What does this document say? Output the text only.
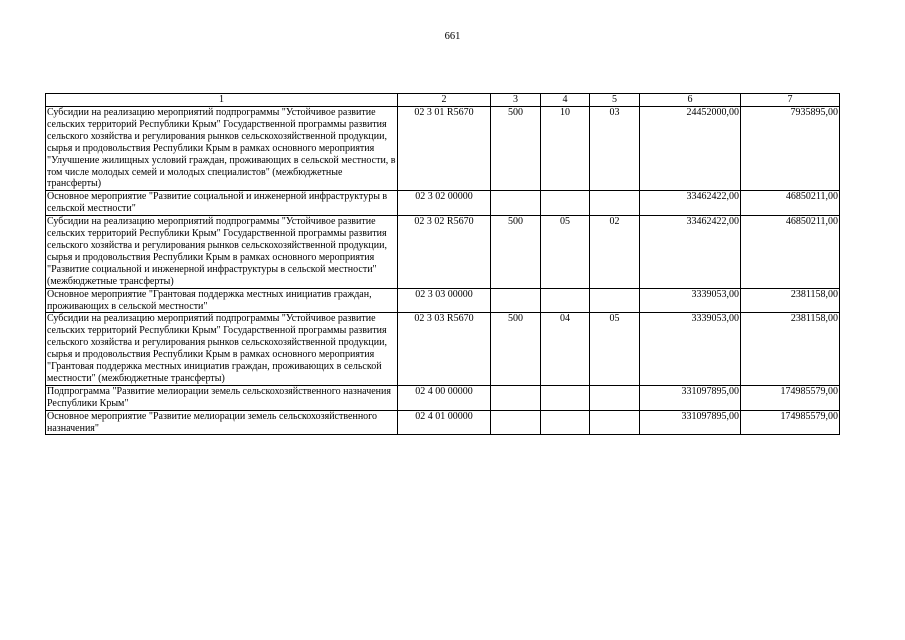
661
1	2	3	4	5	6	7
Субсидии на реализацию мероприятий подпрограммы "Устойчивое развитие сельских территорий Республики Крым" Государственной программы развития сельского хозяйства и регулирования рынков сельскохозяйственной продукции, сырья и продовольствия Республики Крым в рамках основного мероприятия "Улучшение жилищных условий граждан, проживающих в сельской местности, в том числе молодых семей и молодых специалистов" (межбюджетные трансферты)	02 3 01 R5670	500	10	03	24452000,00	7935895,00
Основное мероприятие "Развитие социальной и инженерной инфраструктуры в сельской местности"	02 3 02 00000				33462422,00	46850211,00
Субсидии на реализацию мероприятий подпрограммы "Устойчивое развитие сельских территорий Республики Крым" Государственной программы развития сельского хозяйства и регулирования рынков сельскохозяйственной продукции, сырья и продовольствия Республики Крым в рамках основного мероприятия "Развитие социальной и инженерной инфраструктуры в сельской местности" (межбюджетные трансферты)	02 3 02 R5670	500	05	02	33462422,00	46850211,00
Основное мероприятие "Грантовая поддержка местных инициатив граждан, проживающих в сельской местности"	02 3 03 00000				3339053,00	2381158,00
Субсидии на реализацию мероприятий подпрограммы "Устойчивое развитие сельских территорий Республики Крым" Государственной программы развития сельского хозяйства и регулирования рынков сельскохозяйственной продукции, сырья и продовольствия Республики Крым в рамках основного мероприятия "Грантовая поддержка местных инициатив граждан, проживающих в сельской местности" (межбюджетные трансферты)	02 3 03 R5670	500	04	05	3339053,00	2381158,00
Подпрограмма "Развитие мелиорации земель сельскохозяйственного назначения Республики Крым"	02 4 00 00000				331097895,00	174985579,00
Основное мероприятие "Развитие мелиорации земель сельскохозяйственного назначения"	02 4 01 00000				331097895,00	174985579,00
